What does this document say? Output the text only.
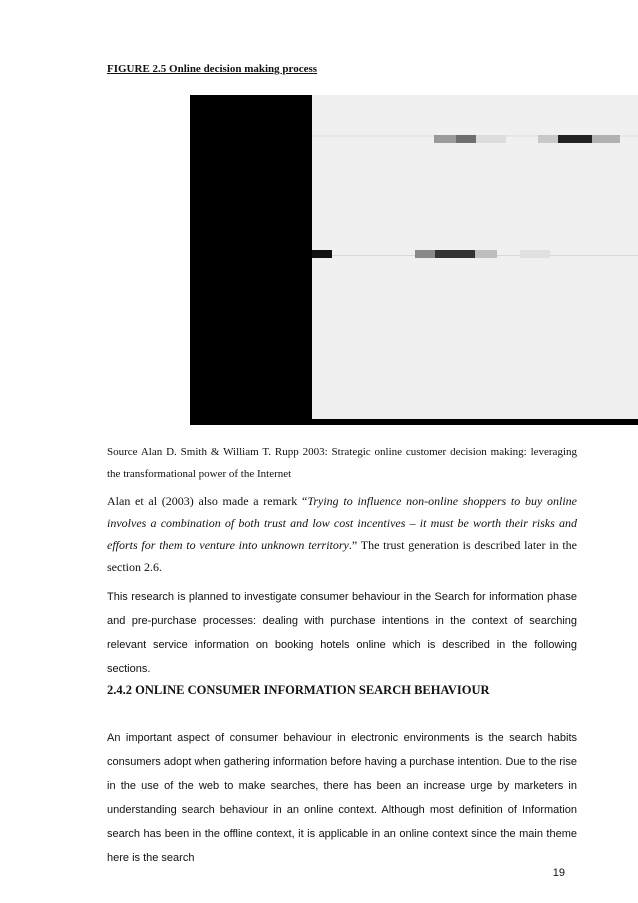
FIGURE 2.5 Online decision making process
Source Alan D. Smith & William T. Rupp 2003: Strategic online customer decision making: leveraging the transformational power of the Internet
Alan et al (2003) also made a remark “Trying to influence non-online shoppers to buy online involves a combination of both trust and low cost incentives – it must be worth their risks and efforts for them to venture into unknown territory.” The trust generation is described later in the section 2.6.
This research is planned to investigate consumer behaviour in the Search for information phase and pre-purchase processes: dealing with purchase intentions in the context of searching relevant service information on booking hotels online which is described in the following sections.
2.4.2 ONLINE CONSUMER INFORMATION SEARCH BEHAVIOUR
An important aspect of consumer behaviour in electronic environments is the search habits consumers adopt when gathering information before having a purchase intention. Due to the rise in the use of the web to make searches, there has been an increase urge by marketers in understanding search behaviour in an online context. Although most definition of Information search has been in the offline context, it is applicable in an online context since the main theme here is the search
19
